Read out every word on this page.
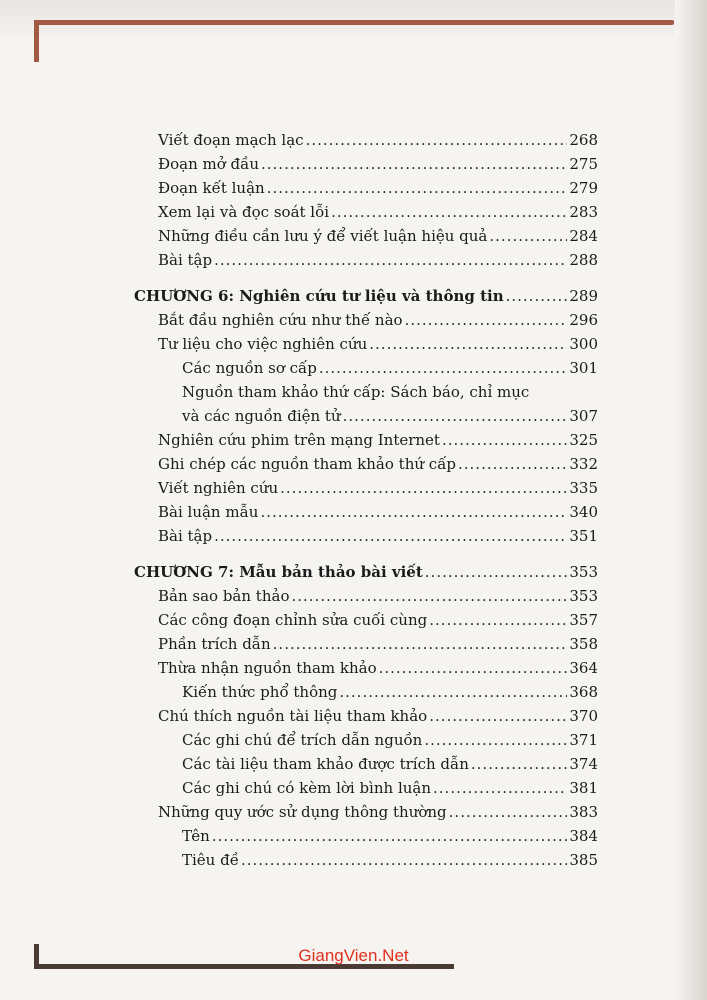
Viết đoạn mạch lạc .....	268
Đoạn mở đầu .....	275
Đoạn kết luận .....	279
Xem lại và đọc soát lỗi .....	283
Những điều cần lưu ý để viết luận hiệu quả .....	284
Bài tập .....	288
CHƯƠNG 6: Nghiên cứu tư liệu và thông tin .....	289
Bắt đầu nghiên cứu như thế nào .....	296
Tư liệu cho việc nghiên cứu .....	300
Các nguồn sơ cấp .....	301
Nguồn tham khảo thứ cấp: Sách báo, chỉ mục
và các nguồn điện tử .....	307
Nghiên cứu phim trên mạng Internet .....	325
Ghi chép các nguồn tham khảo thứ cấp .....	332
Viết nghiên cứu .....	335
Bài luận mẫu .....	340
Bài tập .....	351
CHƯƠNG 7: Mẫu bản thảo bài viết .....	353
Bản sao bản thảo .....	353
Các công đoạn chỉnh sửa cuối cùng .....	357
Phần trích dẫn .....	358
Thừa nhận nguồn tham khảo .....	364
Kiến thức phổ thông .....	368
Chú thích nguồn tài liệu tham khảo .....	370
Các ghi chú để trích dẫn nguồn .....	371
Các tài liệu tham khảo được trích dẫn .....	374
Các ghi chú có kèm lời bình luận .....	381
Những quy ước sử dụng thông thường .....	383
Tên .....	384
Tiêu đề .....	385
GiangVien.Net
